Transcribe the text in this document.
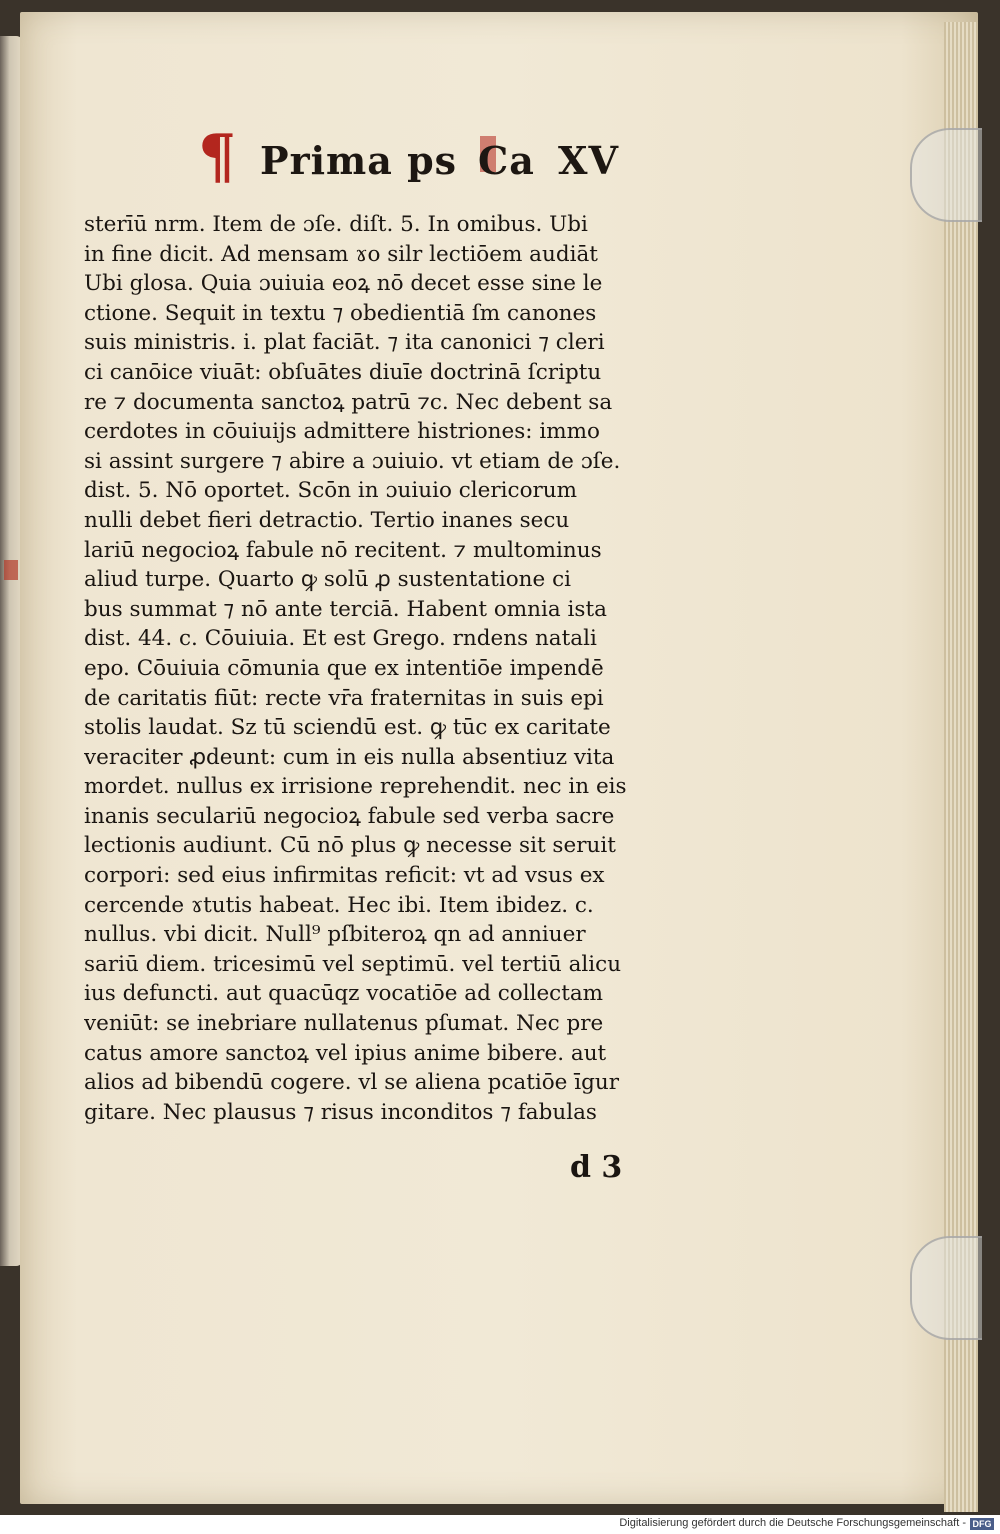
¶ Prima ps Ca XV
sterīū nrm. Item de ɔſe. diſt. 5. In omibus. Ubi
in fine dicit. Ad mensam ɤo silr lectiōem audiāt
Ubi glosa. Quia ɔuiuia eoꝝ nō decet esse sine le
ctione. Sequit in textu ⁊ obedientiā ſm canones
suis ministris. i. plat faciāt. ⁊ ita canonici ⁊ cleri
ci canōice viuāt: obſuātes diuīe doctrinā ſcriptu
re ⁊ documenta sanctoꝝ patrū ⁊c. Nec debent sa
cerdotes in cōuiuijs admittere histriones: immo
si assint surgere ⁊ abire a ɔuiuio. vt etiam de ɔſe.
dist. 5. Nō oportet. Scōn in ɔuiuio clericorum
nulli debet fieri detractio. Tertio inanes secu
lariū negocioꝝ fabule nō recitent. ⁊ multominus
aliud turpe. Quarto ꝙ solū ꝓ sustentatione ci
bus summat ⁊ nō ante terciā. Habent omnia ista
dist. 44. c. Cōuiuia. Et est Grego. rndens natali
epo. Cōuiuia cōmunia que ex intentiōe impendē
de caritatis fiūt: recte vr̄a fraternitas in suis epi
stolis laudat. Sz tū sciendū est. ꝙ tūc ex caritate
veraciter ꝓdeunt: cum in eis nulla absentiuz vita
mordet. nullus ex irrisione reprehendit. nec in eis
inanis seculariū negocioꝝ fabule sed verba sacre
lectionis audiunt. Cū nō plus ꝙ necesse sit seruit
corpori: sed eius infirmitas reficit: vt ad vsus ex
cercende ɤtutis habeat. Hec ibi. Item ibidez. c.
nullus. vbi dicit. Null⁹ pſbiteroꝝ qn ad anniuer
sariū diem. tricesimū vel septimū. vel tertiū alicu
ius defuncti. aut quacūqz vocatiōe ad collectam
veniūt: se inebriare nullatenus pſumat. Nec pre
catus amore sanctoꝝ vel ipius anime bibere. aut
alios ad bibendū cogere. vl se aliena pcatiōe īgur
gitare. Nec plausus ⁊ risus inconditos ⁊ fabulas
d 3
Digitalisierung gefördert durch die Deutsche Forschungsgemeinschaft - DFG
